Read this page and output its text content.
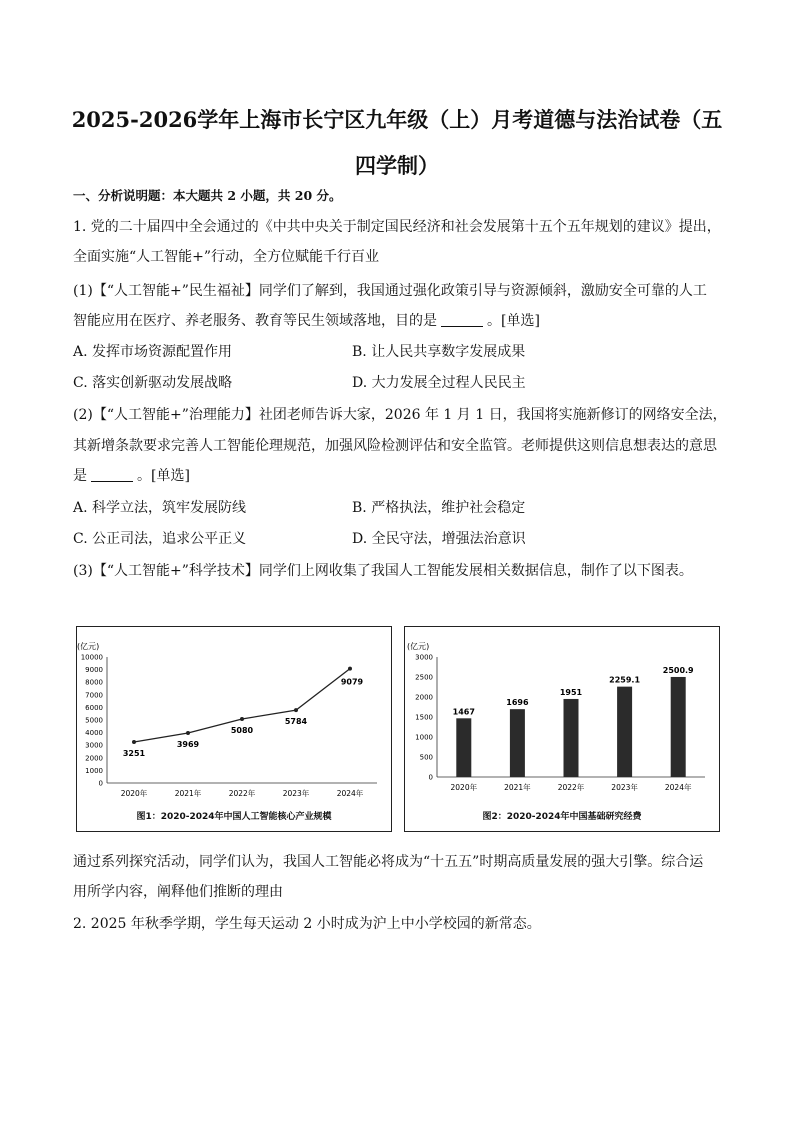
2025-2026学年上海市长宁区九年级（上）月考道德与法治试卷（五四学制）
一、分析说明题：本大题共 2 小题，共 20 分。
1. 党的二十届四中全会通过的《中共中央关于制定国民经济和社会发展第十五个五年规划的建议》提出，
全面实施“人工智能+”行动，全方位赋能千行百业
(1)【“人工智能+”民生福祉】同学们了解到，我国通过强化政策引导与资源倾斜，激励安全可靠的人工
智能应用在医疗、养老服务、教育等民生领域落地，目的是	。[单选]
A. 发挥市场资源配置作用	B. 让人民共享数字发展成果
C. 落实创新驱动发展战略	D. 大力发展全过程人民民主
(2)【“人工智能+”治理能力】社团老师告诉大家，2026 年 1 月 1 日，我国将实施新修订的网络安全法，
其新增条款要求完善人工智能伦理规范，加强风险检测评估和安全监管。老师提供这则信息想表达的意思
是	。[单选]
A. 科学立法，筑牢发展防线	B. 严格执法，维护社会稳定
C. 公正司法，追求公平正义	D. 全民守法，增强法治意识
(3)【“人工智能+”科学技术】同学们上网收集了我国人工智能发展相关数据信息，制作了以下图表。
(亿元)
0
1000
2000
3000
4000
5000
6000
7000
8000
9000
10000
2020年	2021年	2022年	2023年	2024年
3251
3969
5080
5784
9079
图1：2020-2024年中国人工智能核心产业规模
(亿元)
0
500
1000
1500
2000
2500
3000
2020年	2021年	2022年	2023年	2024年
1467
1696
1951
2259.1
2500.9
图2：2020-2024年中国基础研究经费
通过系列探究活动，同学们认为，我国人工智能必将成为“十五五”时期高质量发展的强大引擎。综合运
用所学内容，阐释他们推断的理由
2. 2025 年秋季学期，学生每天运动 2 小时成为沪上中小学校园的新常态。
